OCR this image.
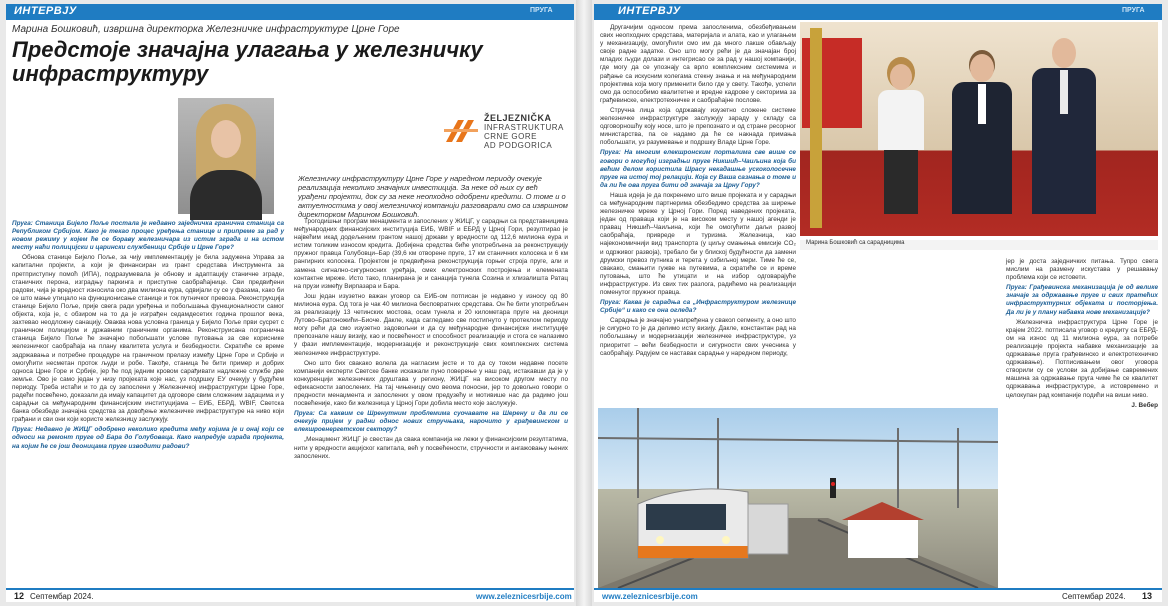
ИНТЕРВЈУ	ПРУГА
Марина Бошковић, извршна директорка Железничке инфраструктуре Црне Горе
Предстоје значајна улагања у железничку инфраструктуру
ŽELJEZNIČKA
INFRASTRUKTURA
CRNE GORE
AD PODGORICA
Железничку инфраструктуру Црне Горе у наредном периоду очекује реализација неколико значајних инвестиција. За неке од њих су већ урађени пројекти, док су за неке неопходно одобрени кредити. О томе и о актуелностима у овој железничкој компанији разговарали смо са извршном директорком Марином Бошковић.

Пруга: Станица Бијело Поље постала је недавно заједничка гранична станица са Републиком Србијом. Како је текао процес уређења станице и припреме за рад у новом режиму у којем ће се бораву железничара из истим зграда и на истом месту наћи полицијски и царински службеници Србије и Црне Горе?

Обнова станице Бијело Поље, за чију имплементацију је била задужена Управа за капитални пројекти, а који је финансиран из грант средстава Инструмента за претприступну помоћ (ИПА), подразумевала је обнову и адаптацију станичне зграде, станичних перона, изградњу паркинга и приступне саобраћајнице. Сви предвиђени радови, чија је вредност износила око два милиона еура, одвијали су се у фазама, како би се што мање утицало на функционисање станице и ток путничког превоза. Реконструкција станице Бијело Поље, прије свега ради уређења и побољшања функционалности самог објекта, која је, с обзиром на то да је изграђен седамдесетих година прошлог века, захтевао неодложну санацију. Оваква нова условна граница у Бијело Поље први сусрет с граничном полицијом и државним граничним органима. Реконструисана погранична станица Бијело Поље ће значајно побољшати услове путовања за све кориснике железничког саобраћаја на плану квалитета услуга и безбедности. Скратиће се време задржавања и потребне процедуре на граничном прелазу између Црне Горе и Србије и омогућити несметан проток људи и робе. Такође, станица ће бити пример и добрих односа Црне Горе и Србије, јер ће под једним кровом сарађивати надлежне службе две земље. Ово је само један у низу пројеката које нас, уз подршку ЕУ очекују у будућем периоду. Треба истаћи и то да су запослени у Железничкој инфраструктури Црне Горе, радећи посвећено, доказали да имају капацитет да одговоре свим сложеним задацима и у сарадњи са међународним финансијским институцијама – ЕИБ, ЕБРД, WBIF, Светска банка обезбеде значајна средства за довођење железничке инфраструктуре на ниво који грађани и сви они који користе железницу заслужују.

Пруга: Недавно је ЖИЦГ одобрено неколико кредита међу којима је и онај који се односи на ремонт пруге од Бара до Голубоваца. Како напредује израда пројекта, на којим ће се још деоницама пруге изводити радови?

Трогодишњи програм менаџмента и запослених у ЖИЦГ, у сарадњи са представницима међународних финансијских институција ЕИБ, WBIF и ЕБРД у Црној Гори, резултирао је највећим икад додељеним грантом нашој држави у вредности од 112,6 милиона еура и истим толиким износом кредита. Добијена средства биће употребљена за реконструкцију пружног правца Голубовци–Бар (39,6 км отворене пруге, 17 км станичних колосека и 6 км рангирних колосека. Пројектом је предвиђена реконструкција горњег строја пруге, али и замена сигнално-сигурносних уређаја, смех електронских постројења и елемената контактне мреже. Исто тако, планирана је и санација тунела Созина и хлизалишта Ратац на прузи између Вирпазара и Бара.

Још један изузетно важан уговор са ЕИБ-ом потписан је недавно у износу од 80 милиона еура. Од тога је чак 40 милиона бесповратних средстава. Он ће бити употребљен за реализацију 13 четинских мостова, осам тунела и 20 километара пруге на деоници Лутово–Братоножићи–Биоче. Дакле, када сагледамо све постигнуто у протеклом периоду могу рећи да смо изузетно задовољни и да су међународне финансијске институције препознале нашу визију, као и посвећеност и способност реализације и стога се налазимо у фази имплементације, модернизације и реконструкције свих комплексних система железничке инфраструктуре.

Оно што бих свакако волела да нагласим јесте и то да су током недавне посете компанији експерти Светске банке искажали пуно поверење у наш рад, истакавши да је у конкуренцији железничких друштава у региону, ЖИЦГ на високом другом месту по ефикасности запослених. На тај чињеницу смо веома поносни, јер то довољно говори о предности менаџмента и запослених у овом предузећу и мотивише нас да радимо још посвећеније, како би железница у Црној Гори добила место које заслужује.

Пруга: Са каквим се Шренутним проблемима суочавате на Шерену и да ли се очекује пријем у радни однос нових стручњака, нарочито у грађевинском и елекшроенергетском сектору?

„Менаџмент ЖИЦГ је свестан да свака компанија не лежи у финансијским резултатима, нити у вредности акцијског капитала, већ у посвећености, стручности и ангажовању њених запослених.

12 Септембар 2024.	www.zeleznicesrbije.com
ИНТЕРВЈУ	ПРУГА

Другачијим односом према запосленима, обезбеђивањем свих неопходних средстава, материјала и алата, као и улагањем у механизацију, омогућили смо им да много лакше обављају своје радне задатке. Оно што могу рећи је да значајан број младих људи долази и интегрисао се за рад у нашој компанији, где могу да се упознају са врло комплексним системима и рађање са искусним колегама стекну знања и на међународним пројектима која могу применити било где у свету. Такође, успели смо да оспособимо квалитетне и вредне кадрове у секторима за грађевинске, електротехничке и саобраћајне послове.

Стручна лица која одржавају изузетно сложене системе железничке инфраструктуре заслужују зараду у складу са одговорношћу коју носе, што је препознато и од стране ресорног министарства, па се надамо да ће се накнада примања побољшати, уз разумевање и подршку Владе Црне Горе.

Пруга: На многим елекшронским порталима све више се говори о могућој изградњи пруге Никшић–Чаиљина која би већим делом користила Шрасу некадашње ускоколосечне пруге на истој тој релацији. Која су Ваша сазнања о томе и да ли ће ова пруга бити од значаја за Црну Гору?

Наша идеја је да покренемо што више пројеката и у сарадњи са међународним партнерима обезбедимо средства за ширење железничке мреже у Црној Гори. Поред наведених пројеката, један од правaца који је на високом месту у нашој агенди је правац Никшић–Чаиљина, који ће омогућити даљи развој саобраћаја, привреде и туризма. Железница, као најекономичнији вид транспорта (у циљу смањења емисије CO₂ и одрживог развоја), требало би у блиској будућности да замени друмски превоз путника и терета у озбиљној мери. Тиме ће се, свакако, смањити гужве на путевима, а скратиће се и време путовања, што ће утицати и на избор одговарајуће инфраструктуре. Из свих тих разлога, радићемо на реализацији поменутог пружног правца.

Пруга: Каква је сарадња са „Инфраструктуром железнице Србије“ и како се она огледа?

Сарадња је значајно унапређена у свакол сегменту, а оно што је сигурно то је да делимо исту визију. Дакле, константан рад на побољшању и модернизацији железничке инфраструктуре, уз приоритет – већи безбедности и сигурности свих учесника у саобраћају. Радујем се наставак сарадње у наредном периоду,

Марина Бошковић са сарадницима

јер је доста заједничких питања. Тупро свега мислим на размену искустава у решавању проблема који се истовети.

Пруга: Грађевинска механизација је од велике значаје за одржавање пруге и свих пратећих инфраструктурних објеката и пoсторјења. Да ли је у плану набавка нове механизације?

Железничка инфраструктура Црне Горе је крајем 2022. потписала уговор о кредиту са ЕБРД-ом на износ од 11 милиона еура, за потребе реализације пројекта набавке механизације за одржавање пруга грађевинско и електротехничко одржавање). Потписивањем овог уговора створили су се услови за добијање савремених машина за одржавање пруга чиме ће се квалитет одржавања инфраструктуре, а истовремено и целокупан рад компаније подићи на виши ниво.

Ј. Вебер

www.zeleznicesrbije.com	Септембар 2024. 13
